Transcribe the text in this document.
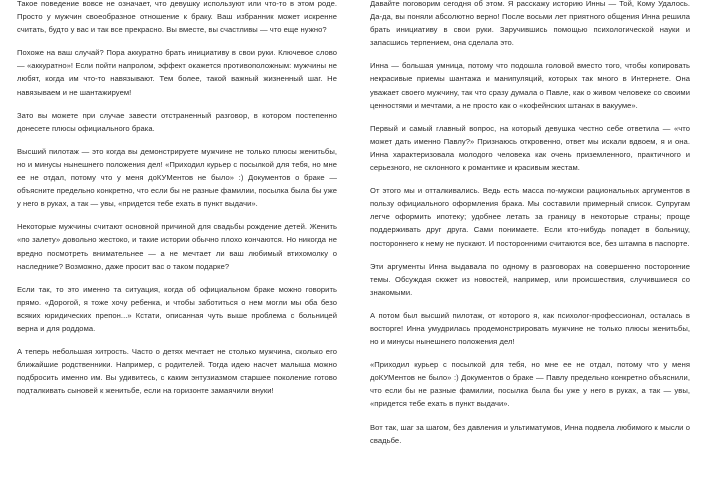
Такое поведение вовсе не означает, что девушку используют или что-то в этом роде. Просто у мужчин своеобразное отношение к браку. Ваш избранник может искренне считать, будто у вас и так все прекрасно. Вы вместе, вы счастливы — что еще нужно?

Похоже на ваш случай? Пора аккуратно брать инициативу в свои руки. Ключевое слово — «аккуратно»! Если пойти напролом, эффект окажется противоположным: мужчины не любят, когда им что-то навязывают. Тем более, такой важный жизненный шаг. Не навязываем и не шантажируем!

Зато вы можете при случае завести отстраненный разговор, в котором постепенно донесете плюсы официального брака.

Высший пилотаж — это когда вы демонстрируете мужчине не только плюсы женитьбы, но и минусы нынешнего положения дел! «Приходил курьер с посылкой для тебя, но мне ее не отдал, потому что у меня доКУМентов не было» :) Документов о браке — объясните предельно конкретно, что если бы не разные фамилии, посылка была бы уже у него в руках, а так — увы, «придется тебе ехать в пункт выдачи».

Некоторые мужчины считают основной причиной для свадьбы рождение детей. Женить «по залету» довольно жестоко, и такие истории обычно плохо кончаются. Но никогда не вредно посмотреть внимательнее — а не мечтает ли ваш любимый втихомолку о наследнике? Возможно, даже просит вас о таком подарке?

Если так, то это именно та ситуация, когда об официальном браке можно говорить прямо. «Дорогой, я тоже хочу ребенка, и чтобы заботиться о нем могли мы оба безо всяких юридических препон...» Кстати, описанная чуть выше проблема с больницей верна и для роддома.

А теперь небольшая хитрость. Часто о детях мечтает не столько мужчина, сколько его ближайшие родственники. Например, с родителей. Тогда идею насчет малыша можно подбросить именно им. Вы удивитесь, с каким энтузиазмом старшее поколение готово подталкивать сыновей к женитьбе, если на горизонте замаячили внуки!

Давайте поговорим сегодня об этом. Я расскажу историю Инны — Той, Кому Удалось. Да-да, вы поняли абсолютно верно! После восьми лет приятного общения Инна решила брать инициативу в свои руки. Заручившись помощью психологической науки и запасшись терпением, она сделала это.

Инна — большая умница, потому что подошла головой вместо того, чтобы копировать некрасивые приемы шантажа и манипуляций, которых так много в Интернете. Она уважает своего мужчину, так что сразу думала о Павле, как о живом человеке со своими ценностями и мечтами, а не просто как о «кофейнских штанах в вакууме».

Первый и самый главный вопрос, на который девушка честно себе ответила — «что может дать именно Павлу?» Признаюсь откровенно, ответ мы искали вдвоем, я и она. Инна характеризовала молодого человека как очень приземленного, практичного и серьезного, не склонного к романтике и красивым жестам.

От этого мы и отталкивались. Ведь есть масса по-мужски рациональных аргументов в пользу официального оформления брака. Мы составили примерный список. Супругам легче оформить ипотеку; удобнее летать за границу в некоторые страны; проще поддерживать друг друга. Сами понимаете. Если кто-нибудь попадет в больницу, постороннего к нему не пускают. И посторонними считаются все, без штампа в паспорте.

Эти аргументы Инна выдавала по одному в разговорах на совершенно посторонние темы. Обсуждая сюжет из новостей, например, или происшествия, случившиеся со знакомыми.

А потом был высший пилотаж, от которого я, как психолог-профессионал, осталась в восторге! Инна умудрилась продемонстрировать мужчине не только плюсы женитьбы, но и минусы нынешнего положения дел!

«Приходил курьер с посылкой для тебя, но мне ее не отдал, потому что у меня доКУМентов не было» :) Документов о браке — Павлу предельно конкретно объяснили, что если бы не разные фамилии, посылка была бы уже у него в руках, а так — увы, «придется тебе ехать в пункт выдачи».

Вот так, шаг за шагом, без давления и ультиматумов, Инна подвела любимого к мысли о свадьбе.
